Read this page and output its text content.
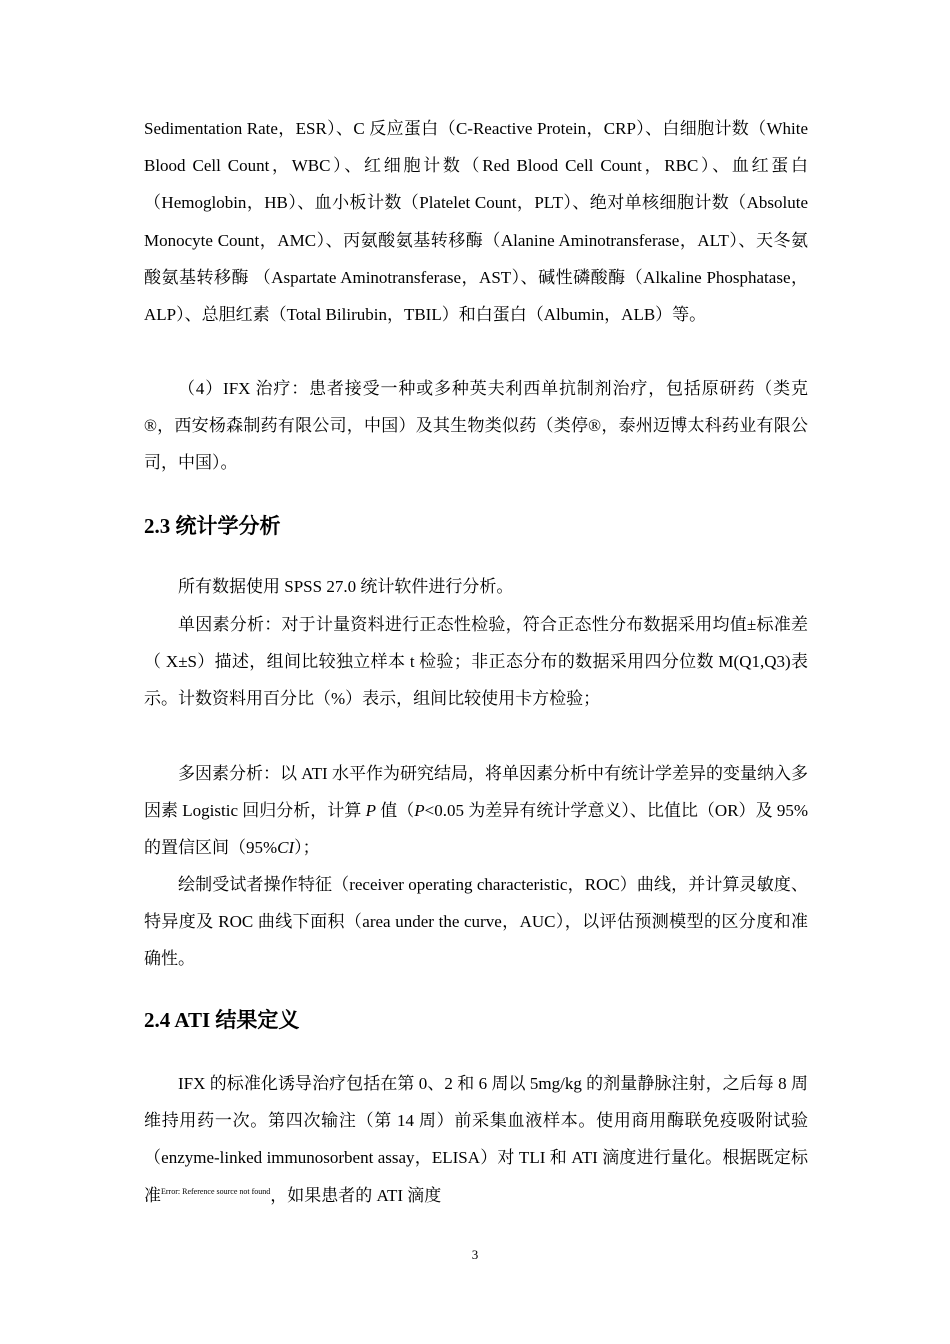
Sedimentation Rate，ESR）、C 反应蛋白（C-Reactive Protein，CRP）、白细胞计数（White Blood Cell Count，WBC）、红细胞计数（Red Blood Cell Count，RBC）、血红蛋白（Hemoglobin，HB）、血小板计数（Platelet Count，PLT）、绝对单核细胞计数（Absolute Monocyte Count，AMC）、丙氨酸氨基转移酶（Alanine Aminotransferase，ALT）、天冬氨酸氨基转移酶 （Aspartate Aminotransferase，AST）、碱性磷酸酶（Alkaline Phosphatase，ALP）、总胆红素（Total Bilirubin，TBIL）和白蛋白（Albumin，ALB）等。

（4）IFX 治疗：患者接受一种或多种英夫利西单抗制剂治疗，包括原研药（类克®，西安杨森制药有限公司，中国）及其生物类似药（类停®，泰州迈博太科药业有限公司，中国）。

2.3 统计学分析

所有数据使用 SPSS 27.0 统计软件进行分析。

单因素分析：对于计量资料进行正态性检验，符合正态性分布数据采用均值±标准差（ X±S）描述，组间比较独立样本 t 检验；非正态分布的数据采用四分位数 M(Q1,Q3)表示。计数资料用百分比（%）表示，组间比较使用卡方检验；

多因素分析：以 ATI 水平作为研究结局，将单因素分析中有统计学差异的变量纳入多因素 Logistic 回归分析，计算 P 值（P<0.05 为差异有统计学意义）、比值比（OR）及 95%的置信区间（95%CI）；

绘制受试者操作特征（receiver operating characteristic，ROC）曲线，并计算灵敏度、特异度及 ROC 曲线下面积（area under the curve，AUC），以评估预测模型的区分度和准确性。

2.4 ATI 结果定义

IFX 的标准化诱导治疗包括在第 0、2 和 6 周以 5mg/kg 的剂量静脉注射，之后每 8 周维持用药一次。第四次输注（第 14 周）前采集血液样本。使用商用酶联免疫吸附试验（enzyme-linked immunosorbent assay，ELISA）对 TLI 和 ATI 滴度进行量化。根据既定标准$^{Error: Reference source not found}$，如果患者的 ATI 滴度

3
